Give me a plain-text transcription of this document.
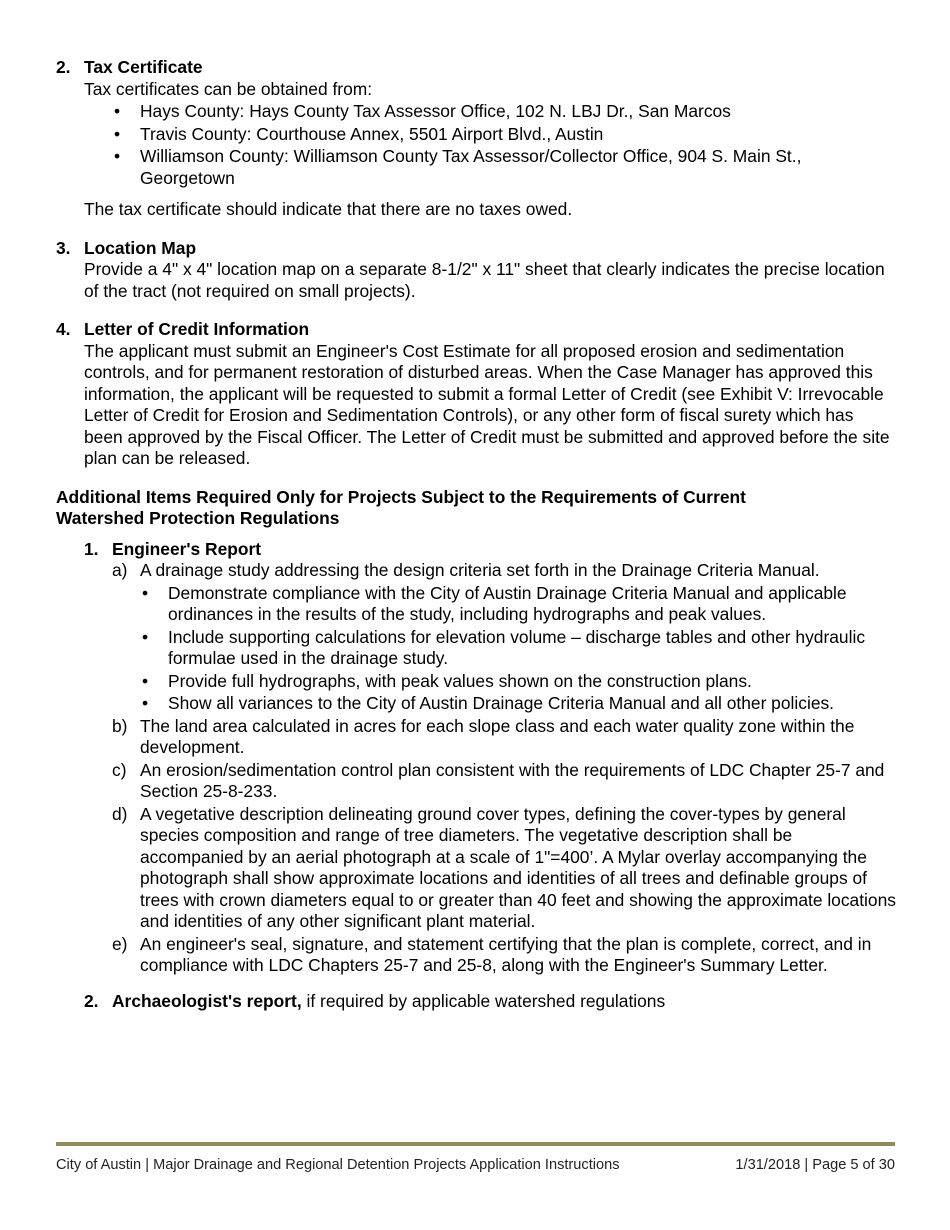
2. Tax Certificate
Tax certificates can be obtained from:
•	Hays County: Hays County Tax Assessor Office, 102 N. LBJ Dr., San Marcos
•	Travis County: Courthouse Annex, 5501 Airport Blvd., Austin
•	Williamson County: Williamson County Tax Assessor/Collector Office, 904 S. Main St., Georgetown
The tax certificate should indicate that there are no taxes owed.
3. Location Map
Provide a 4" x 4" location map on a separate 8-1/2" x 11" sheet that clearly indicates the precise location of the tract (not required on small projects).
4. Letter of Credit Information
The applicant must submit an Engineer's Cost Estimate for all proposed erosion and sedimentation controls, and for permanent restoration of disturbed areas. When the Case Manager has approved this information, the applicant will be requested to submit a formal Letter of Credit (see Exhibit V: Irrevocable Letter of Credit for Erosion and Sedimentation Controls), or any other form of fiscal surety which has been approved by the Fiscal Officer. The Letter of Credit must be submitted and approved before the site plan can be released.
Additional Items Required Only for Projects Subject to the Requirements of Current Watershed Protection Regulations
1. Engineer's Report
a) A drainage study addressing the design criteria set forth in the Drainage Criteria Manual.
•	Demonstrate compliance with the City of Austin Drainage Criteria Manual and applicable ordinances in the results of the study, including hydrographs and peak values.
•	Include supporting calculations for elevation volume – discharge tables and other hydraulic formulae used in the drainage study.
•	Provide full hydrographs, with peak values shown on the construction plans.
•	Show all variances to the City of Austin Drainage Criteria Manual and all other policies.
b) The land area calculated in acres for each slope class and each water quality zone within the development.
c) An erosion/sedimentation control plan consistent with the requirements of LDC Chapter 25-7 and Section 25-8-233.
d) A vegetative description delineating ground cover types, defining the cover-types by general species composition and range of tree diameters. The vegetative description shall be accompanied by an aerial photograph at a scale of 1"=400’. A Mylar overlay accompanying the photograph shall show approximate locations and identities of all trees and definable groups of trees with crown diameters equal to or greater than 40 feet and showing the approximate locations and identities of any other significant plant material.
e) An engineer's seal, signature, and statement certifying that the plan is complete, correct, and in compliance with LDC Chapters 25-7 and 25-8, along with the Engineer's Summary Letter.
2. Archaeologist's report, if required by applicable watershed regulations
City of Austin | Major Drainage and Regional Detention Projects Application Instructions	1/31/2018 | Page 5 of 30
